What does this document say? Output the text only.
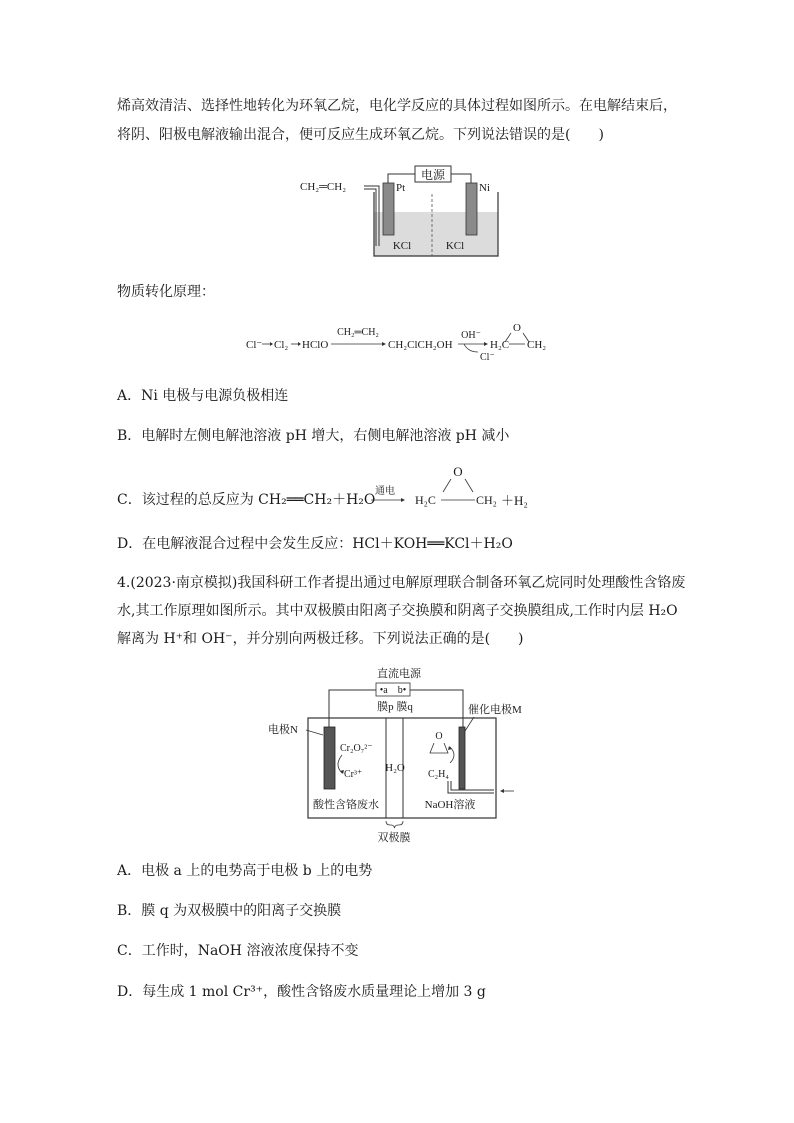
烯高效清洁、选择性地转化为环氧乙烷，电化学反应的具体过程如图所示。在电解结束后，
将阴、阳极电解液输出混合，便可反应生成环氧乙烷。下列说法错误的是(　　)
电源
CH₂═CH₂	Pt	Ni
KCl	KCl
物质转化原理：
Cl⁻ Cl₂ HClO
CH₂═CH₂
CH₂ClCH₂OH
OH⁻
Cl⁻
O
H₂C CH₂
A．Ni 电极与电源负极相连
B．电解时左侧电解池溶液 pH 增大，右侧电解池溶液 pH 减小
C．该过程的总反应为 CH₂══CH₂＋H₂O
通电
O
H₂C	CH₂ ＋H₂
D．在电解液混合过程中会发生反应：HCl＋KOH══KCl＋H₂O
4.(2023·南京模拟)我国科研工作者提出通过电解原理联合制备环氧乙烷同时处理酸性含铬废
水,其工作原理如图所示。其中双极膜由阳离子交换膜和阴离子交换膜组成,工作时内层 H₂O
解离为 H⁺和 OH⁻，并分别向两极迁移。下列说法正确的是(　　)
直流电源
•a　b•
膜p 膜q
电极N
催化电极M
Cr₂O₇²⁻
Cr³⁺
H₂O
O
C₂H₄
酸性含铬废水	NaOH溶液
双极膜
A．电极 a 上的电势高于电极 b 上的电势
B．膜 q 为双极膜中的阳离子交换膜
C．工作时，NaOH 溶液浓度保持不变
D．每生成 1 mol Cr³⁺，酸性含铬废水质量理论上增加 3 g
